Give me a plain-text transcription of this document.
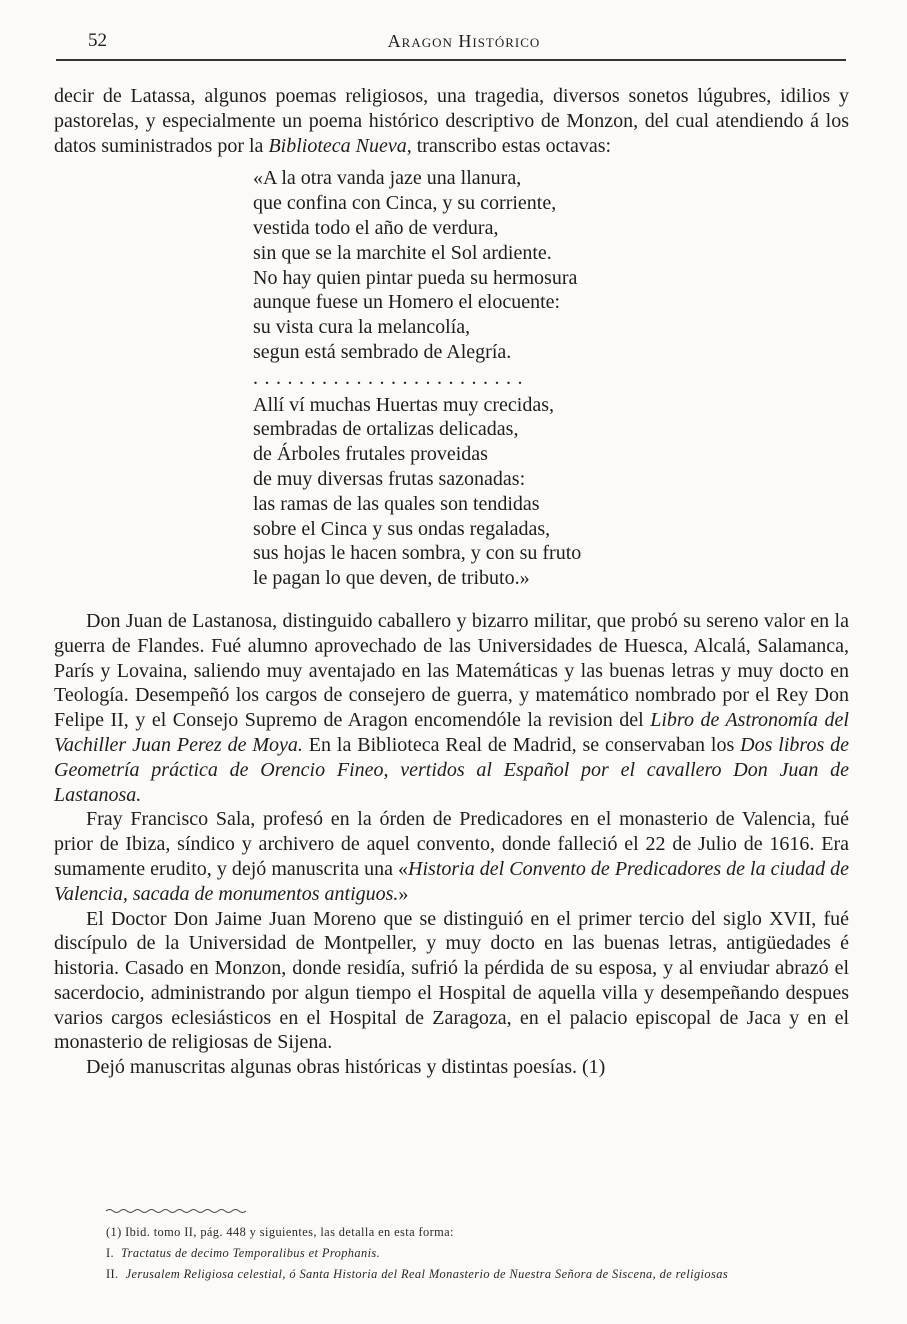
52	Aragon Histórico

decir de Latassa, algunos poemas religiosos, una tragedia, diversos sonetos lúgubres, idilios y pastorelas, y especialmente un poema histórico descriptivo de Monzon, del cual atendiendo á los datos suministrados por la Biblioteca Nueva, transcribo estas octavas:

«A la otra vanda jaze una llanura,
que confina con Cinca, y su corriente,
vestida todo el año de verdura,
sin que se la marchite el Sol ardiente.
No hay quien pintar pueda su hermosura
aunque fuese un Homero el elocuente:
su vista cura la melancolía,
segun está sembrado de Alegría.
........................
Allí ví muchas Huertas muy crecidas,
sembradas de ortalizas delicadas,
de Árboles frutales proveidas
de muy diversas frutas sazonadas:
las ramas de las quales son tendidas
sobre el Cinca y sus ondas regaladas,
sus hojas le hacen sombra, y con su fruto
le pagan lo que deven, de tributo.»

Don Juan de Lastanosa, distinguido caballero y bizarro militar, que probó su sereno valor en la guerra de Flandes. Fué alumno aprovechado de las Universidades de Huesca, Alcalá, Salamanca, París y Lovaina, saliendo muy aventajado en las Matemáticas y las buenas letras y muy docto en Teología. Desempeñó los cargos de consejero de guerra, y matemático nombrado por el Rey Don Felipe II, y el Consejo Supremo de Aragon encomendóle la revision del Libro de Astronomía del Vachiller Juan Perez de Moya. En la Biblioteca Real de Madrid, se conservaban los Dos libros de Geometría práctica de Orencio Fineo, vertidos al Español por el cavallero Don Juan de Lastanosa.

Fray Francisco Sala, profesó en la órden de Predicadores en el monasterio de Valencia, fué prior de Ibiza, síndico y archivero de aquel convento, donde falleció el 22 de Julio de 1616. Era sumamente erudito, y dejó manuscrita una «Historia del Convento de Predicadores de la ciudad de Valencia, sacada de monumentos antiguos.»

El Doctor Don Jaime Juan Moreno que se distinguió en el primer tercio del siglo XVII, fué discípulo de la Universidad de Montpeller, y muy docto en las buenas letras, antigüedades é historia. Casado en Monzon, donde residía, sufrió la pérdida de su esposa, y al enviudar abrazó el sacerdocio, administrando por algun tiempo el Hospital de aquella villa y desempeñando despues varios cargos eclesiásticos en el Hospital de Zaragoza, en el palacio episcopal de Jaca y en el monasterio de religiosas de Sijena.

Dejó manuscritas algunas obras históricas y distintas poesías. (1)

(1) Ibid. tomo II, pág. 448 y siguientes, las detalla en esta forma:
I. Tractatus de decimo Temporalibus et Prophanis.
II. Jerusalem Religiosa celestial, ó Santa Historia del Real Monasterio de Nuestra Señora de Siscena, de religiosas
